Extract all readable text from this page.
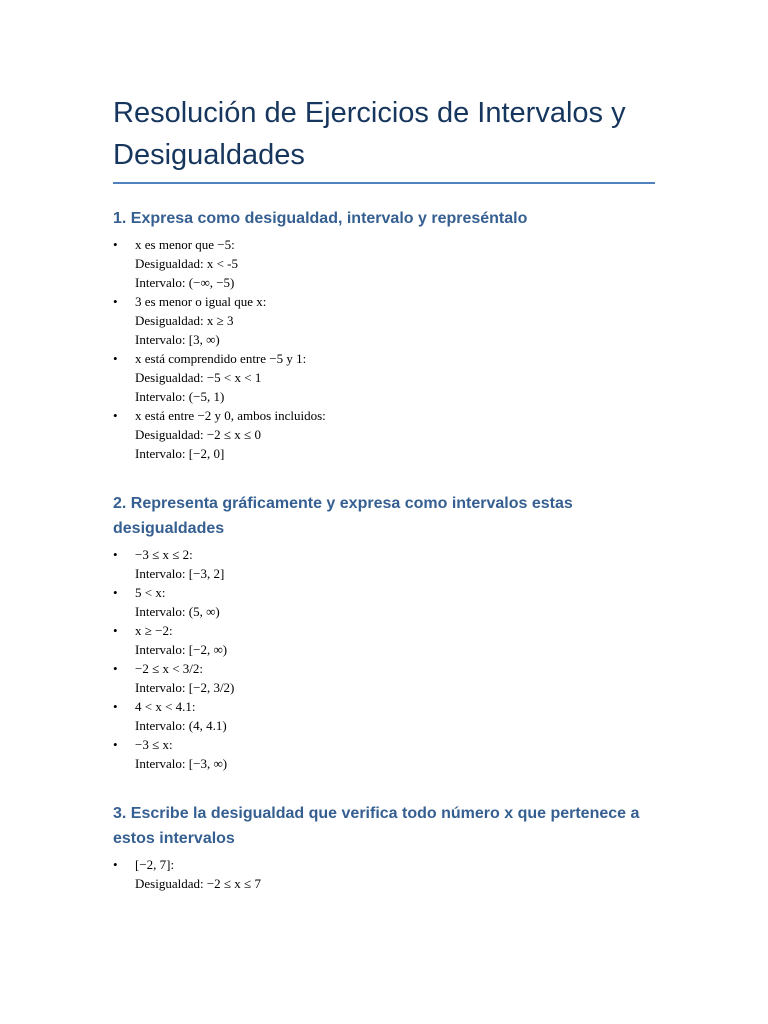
Resolución de Ejercicios de Intervalos y Desigualdades
1. Expresa como desigualdad, intervalo y represéntalo
• x es menor que −5:
Desigualdad: x < -5
Intervalo: (−∞, −5)
• 3 es menor o igual que x:
Desigualdad: x ≥ 3
Intervalo: [3, ∞)
• x está comprendido entre −5 y 1:
Desigualdad: −5 < x < 1
Intervalo: (−5, 1)
• x está entre −2 y 0, ambos incluidos:
Desigualdad: −2 ≤ x ≤ 0
Intervalo: [−2, 0]
2. Representa gráficamente y expresa como intervalos estas desigualdades
• −3 ≤ x ≤ 2:
Intervalo: [−3, 2]
• 5 < x:
Intervalo: (5, ∞)
• x ≥ −2:
Intervalo: [−2, ∞)
• −2 ≤ x < 3/2:
Intervalo: [−2, 3/2)
• 4 < x < 4.1:
Intervalo: (4, 4.1)
• −3 ≤ x:
Intervalo: [−3, ∞)
3. Escribe la desigualdad que verifica todo número x que pertenece a estos intervalos
• [−2, 7]:
Desigualdad: −2 ≤ x ≤ 7
